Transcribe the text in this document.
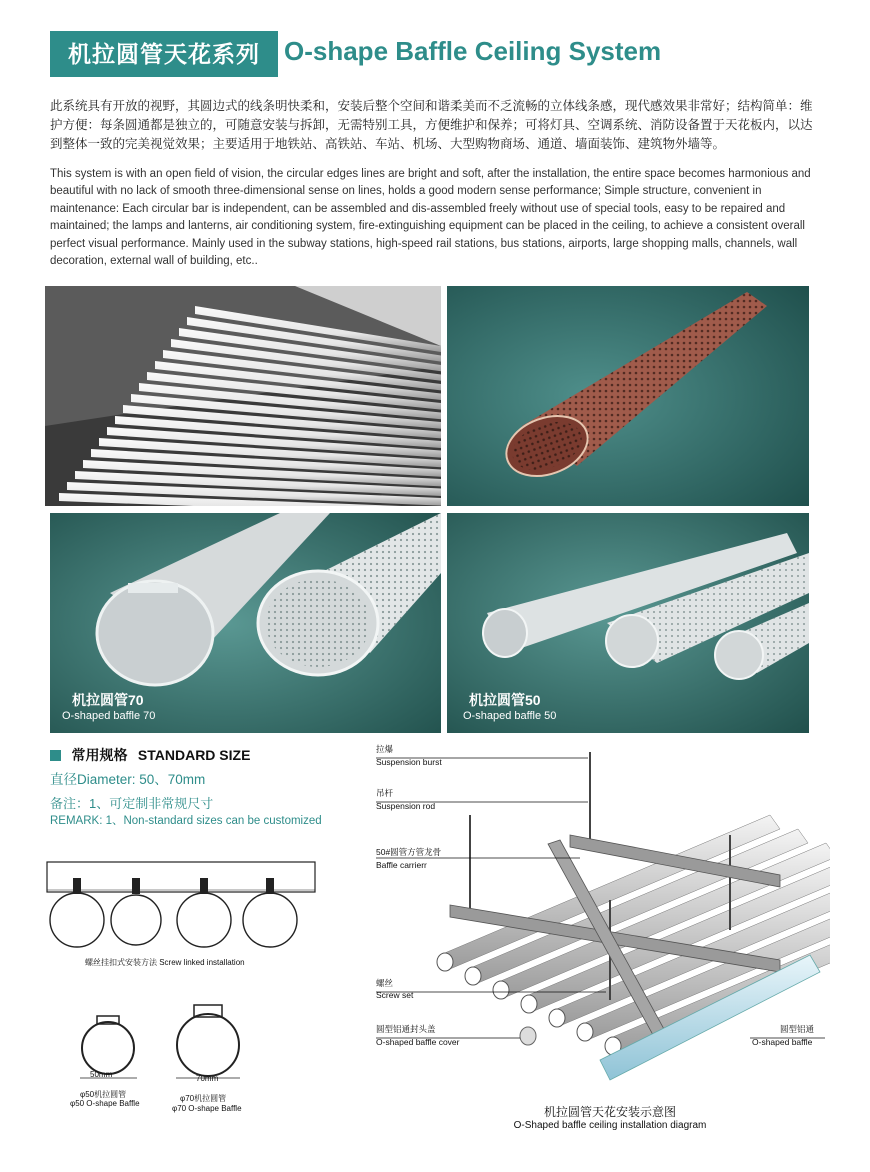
机拉圆管天花系列 O-shape Baffle Ceiling System
此系统具有开放的视野，其圆边式的线条明快柔和，安装后整个空间和谐柔美而不乏流畅的立体线条感，现代感效果非常好；结构简单：维护方便：每条圆通都是独立的，可随意安装与拆卸，无需特别工具，方便维护和保养；可将灯具、空调系统、消防设备置于天花板内，以达到整体一致的完美视觉效果；主要适用于地铁站、高铁站、车站、机场、大型购物商场、通道、墙面装饰、建筑物外墙等。
This system is with an open field of vision, the circular edges lines are bright and soft, after the installation, the entire space becomes harmonious and beautiful with no lack of smooth three-dimensional sense on lines, holds a good modern sense performance; Simple structure, convenient in maintenance: Each circular bar is independent, can be assembled and dis-assembled freely without use of special tools, easy to be repaired and maintained; the lamps and lanterns, air conditioning system, fire-extinguishing equipment can be placed in the ceiling, to achieve a consistent overall perfect visual performance. Mainly used in the subway stations, high-speed rail stations, bus stations, airports, large shopping malls, channels, wall decoration, external wall of building, etc..
机拉圆管70
O-shaped baffle 70
机拉圆管50
O-shaped baffle 50
常用规格 STANDARD SIZE
直径Diameter: 50、70mm
备注：1、可定制非常规尺寸
REMARK: 1、Non-standard sizes can be customized
螺丝挂扣式安装方法 Screw linked installation
50mm
φ50机拉圆管
φ50 O-shape Baffle
70mm
φ70机拉圆管
φ70 O-shape Baffle
拉爆
Suspension burst
吊杆
Suspension rod
50#圆管方管龙骨
Baffle carrierr
螺丝
Screw set
圆型铝通封头盖
O-shaped baffle cover
圆型铝通
O-shaped baffle
机拉圆管天花安装示意图
O-Shaped baffle ceiling installation diagram
